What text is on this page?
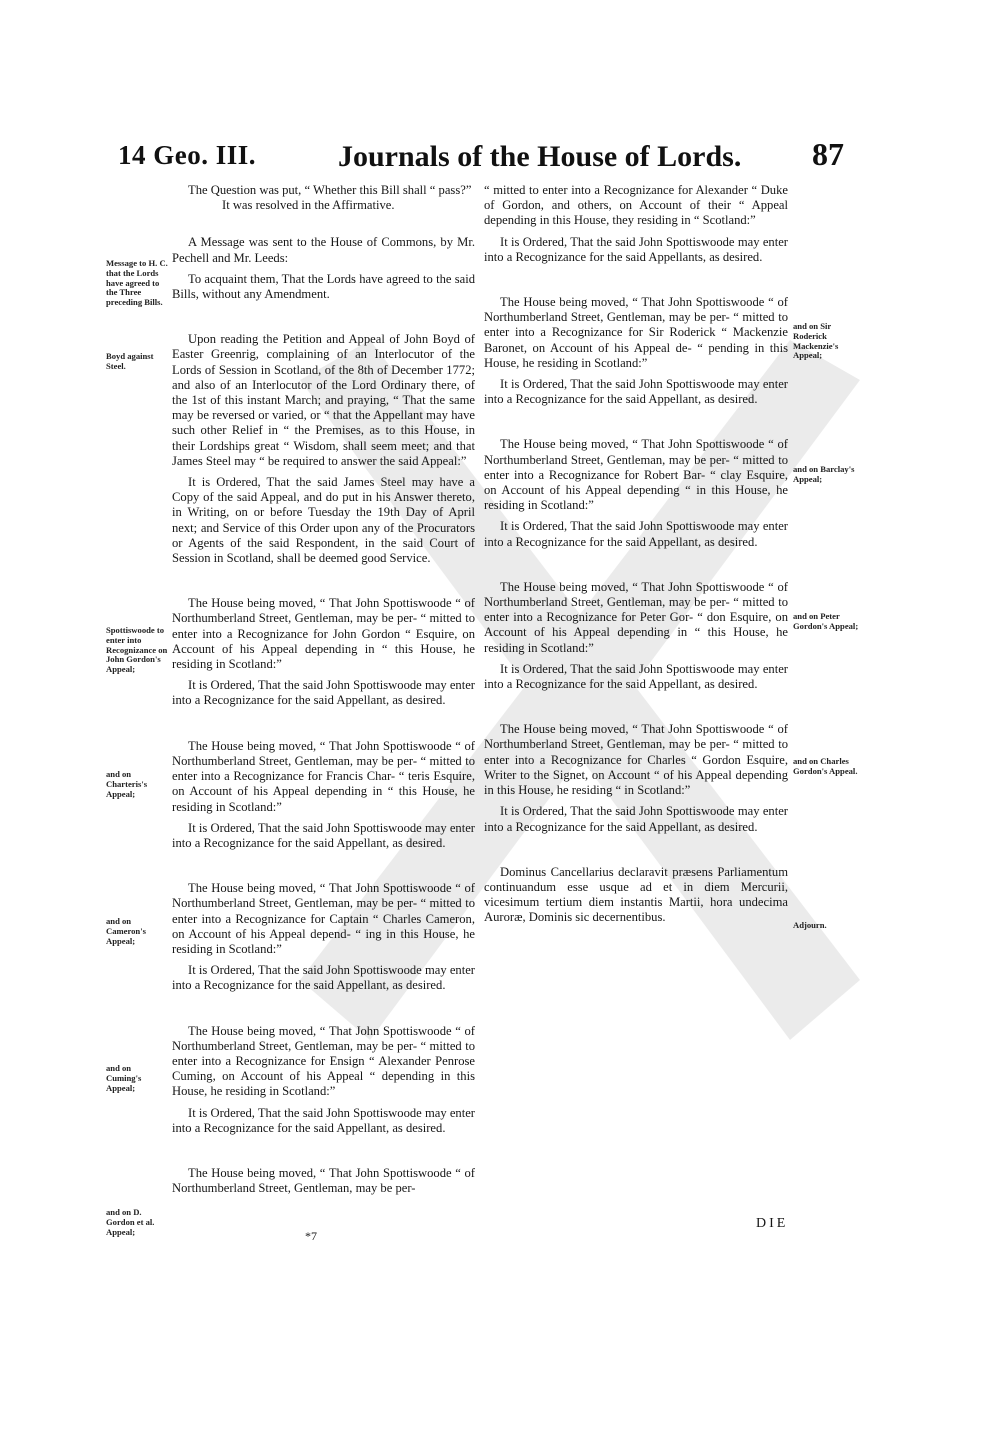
14 Geo. III.	Journals of the House of Lords. 87

The Question was put, “ Whether this Bill shall “ pass?”

It was resolved in the Affirmative.

A Message was sent to the House of Commons, by Mr. Pechell and Mr. Leeds:

To acquaint them, That the Lords have agreed to the said Bills, without any Amendment.

Upon reading the Petition and Appeal of John Boyd of Easter Greenrig, complaining of an Interlocutor of the Lords of Session in Scotland, of the 8th of December 1772; and also of an Interlocutor of the Lord Ordinary there, of the 1st of this instant March; and praying, “ That the same may be reversed or varied, or “ that the Appellant may have such other Relief in “ the Premises, as to this House, in their Lordships great “ Wisdom, shall seem meet; and that James Steel may “ be required to answer the said Appeal:”

It is Ordered, That the said James Steel may have a Copy of the said Appeal, and do put in his Answer thereto, in Writing, on or before Tuesday the 19th Day of April next; and Service of this Order upon any of the Procurators or Agents of the said Respondent, in the said Court of Session in Scotland, shall be deemed good Service.

The House being moved, “ That John Spottiswoode “ of Northumberland Street, Gentleman, may be per- “ mitted to enter into a Recognizance for John Gordon “ Esquire, on Account of his Appeal depending in “ this House, he residing in Scotland:”

It is Ordered, That the said John Spottiswoode may enter into a Recognizance for the said Appellant, as desired.

The House being moved, “ That John Spottiswoode “ of Northumberland Street, Gentleman, may be per- “ mitted to enter into a Recognizance for Francis Char- “ teris Esquire, on Account of his Appeal depending in “ this House, he residing in Scotland:”

It is Ordered, That the said John Spottiswoode may enter into a Recognizance for the said Appellant, as desired.

The House being moved, “ That John Spottiswoode “ of Northumberland Street, Gentleman, may be per- “ mitted to enter into a Recognizance for Captain “ Charles Cameron, on Account of his Appeal depend- “ ing in this House, he residing in Scotland:”

It is Ordered, That the said John Spottiswoode may enter into a Recognizance for the said Appellant, as desired.

The House being moved, “ That John Spottiswoode “ of Northumberland Street, Gentleman, may be per- “ mitted to enter into a Recognizance for Ensign “ Alexander Penrose Cuming, on Account of his Appeal “ depending in this House, he residing in Scotland:”

It is Ordered, That the said John Spottiswoode may enter into a Recognizance for the said Appellant, as desired.

The House being moved, “ That John Spottiswoode “ of Northumberland Street, Gentleman, may be per-

“ mitted to enter into a Recognizance for Alexander “ Duke of Gordon, and others, on Account of their “ Appeal depending in this House, they residing in “ Scotland:”

It is Ordered, That the said John Spottiswoode may enter into a Recognizance for the said Appellants, as desired.

The House being moved, “ That John Spottiswoode “ of Northumberland Street, Gentleman, may be per- “ mitted to enter into a Recognizance for Sir Roderick “ Mackenzie Baronet, on Account of his Appeal de- “ pending in this House, he residing in Scotland:”

It is Ordered, That the said John Spottiswoode may enter into a Recognizance for the said Appellant, as desired.

The House being moved, “ That John Spottiswoode “ of Northumberland Street, Gentleman, may be per- “ mitted to enter into a Recognizance for Robert Bar- “ clay Esquire, on Account of his Appeal depending “ in this House, he residing in Scotland:”

It is Ordered, That the said John Spottiswoode may enter into a Recognizance for the said Appellant, as desired.

The House being moved, “ That John Spottiswoode “ of Northumberland Street, Gentleman, may be per- “ mitted to enter into a Recognizance for Peter Gor- “ don Esquire, on Account of his Appeal depending in “ this House, he residing in Scotland:”

It is Ordered, That the said John Spottiswoode may enter into a Recognizance for the said Appellant, as desired.

The House being moved, “ That John Spottiswoode “ of Northumberland Street, Gentleman, may be per- “ mitted to enter into a Recognizance for Charles “ Gordon Esquire, Writer to the Signet, on Account “ of his Appeal depending in this House, he residing “ in Scotland:”

It is Ordered, That the said John Spottiswoode may enter into a Recognizance for the said Appellant, as desired.

Dominus Cancellarius declaravit præsens Parliamentum continuandum esse usque ad et in diem Mercurii, vicesimum tertium diem instantis Martii, hora undecima Auroræ, Dominis sic decernentibus.

Message to H. C. that the Lords have agreed to the Three preceding Bills.
Boyd against Steel.
Spottiswoode to enter into Recognizance on John Gordon's Appeal;
and on Charteris's Appeal;
and on Cameron's Appeal;
and on Cuming's Appeal;
and on D. Gordon et al. Appeal;
and on Sir Roderick Mackenzie's Appeal;
and on Barclay's Appeal;
and on Peter Gordon's Appeal;
and on Charles Gordon's Appeal.
Adjourn.
*7
DIE
